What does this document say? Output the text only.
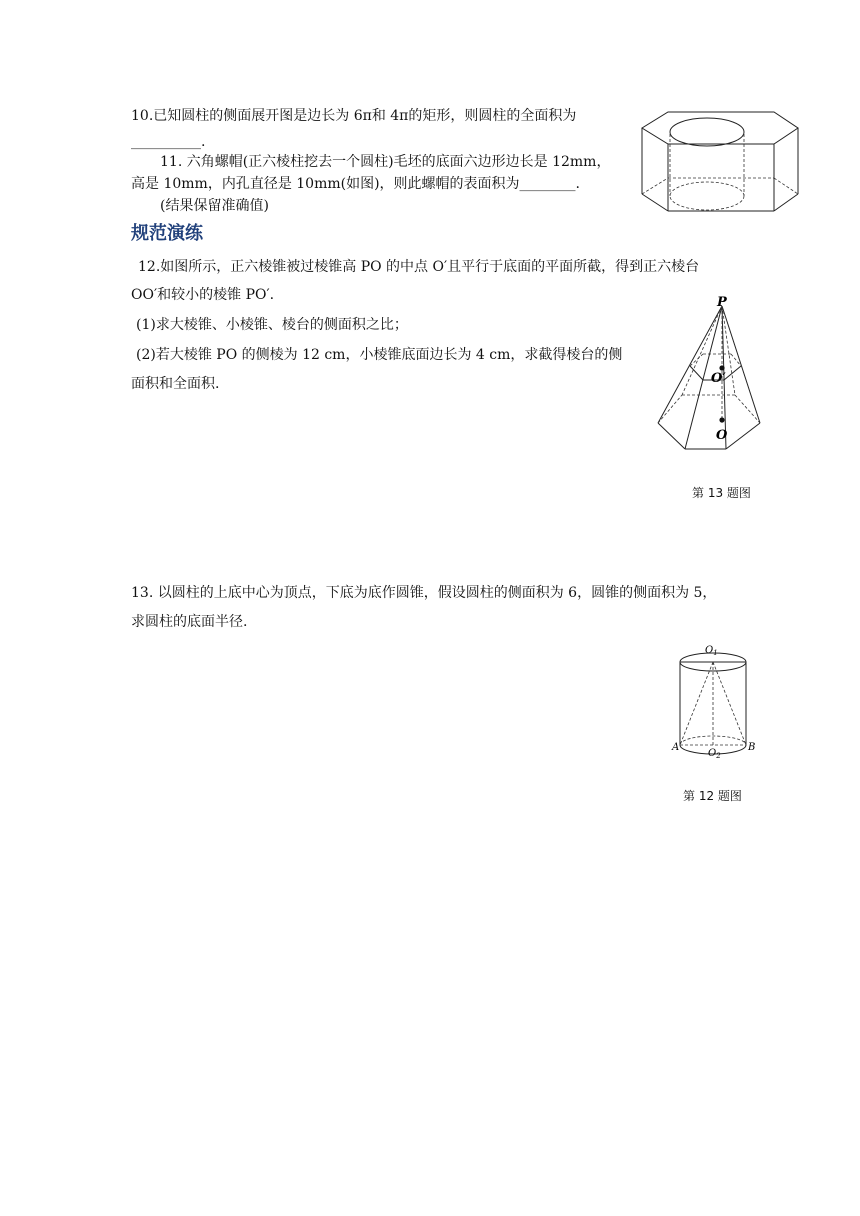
10.已知圆柱的侧面展开图是边长为 6π和 4π的矩形，则圆柱的全面积为
__________.
11. 六角螺帽(正六棱柱挖去一个圆柱)毛坯的底面六边形边长是 12mm，
高是 10mm，内孔直径是 10mm(如图)，则此螺帽的表面积为________.
(结果保留准确值)
规范演练
12.如图所示，正六棱锥被过棱锥高 PO 的中点 O′且平行于底面的平面所截，得到正六棱台
OO′和较小的棱锥 PO′.
(1)求大棱锥、小棱锥、棱台的侧面积之比；
(2)若大棱锥 PO 的侧棱为 12 cm，小棱锥底面边长为 4 cm，求截得棱台的侧
面积和全面积.
P
O′
O
第 13 题图
13. 以圆柱的上底中心为顶点，下底为底作圆锥，假设圆柱的侧面积为 6，圆锥的侧面积为 5，
求圆柱的底面半径.
$O_1$
$O_2$
A	B
第 12 题图
